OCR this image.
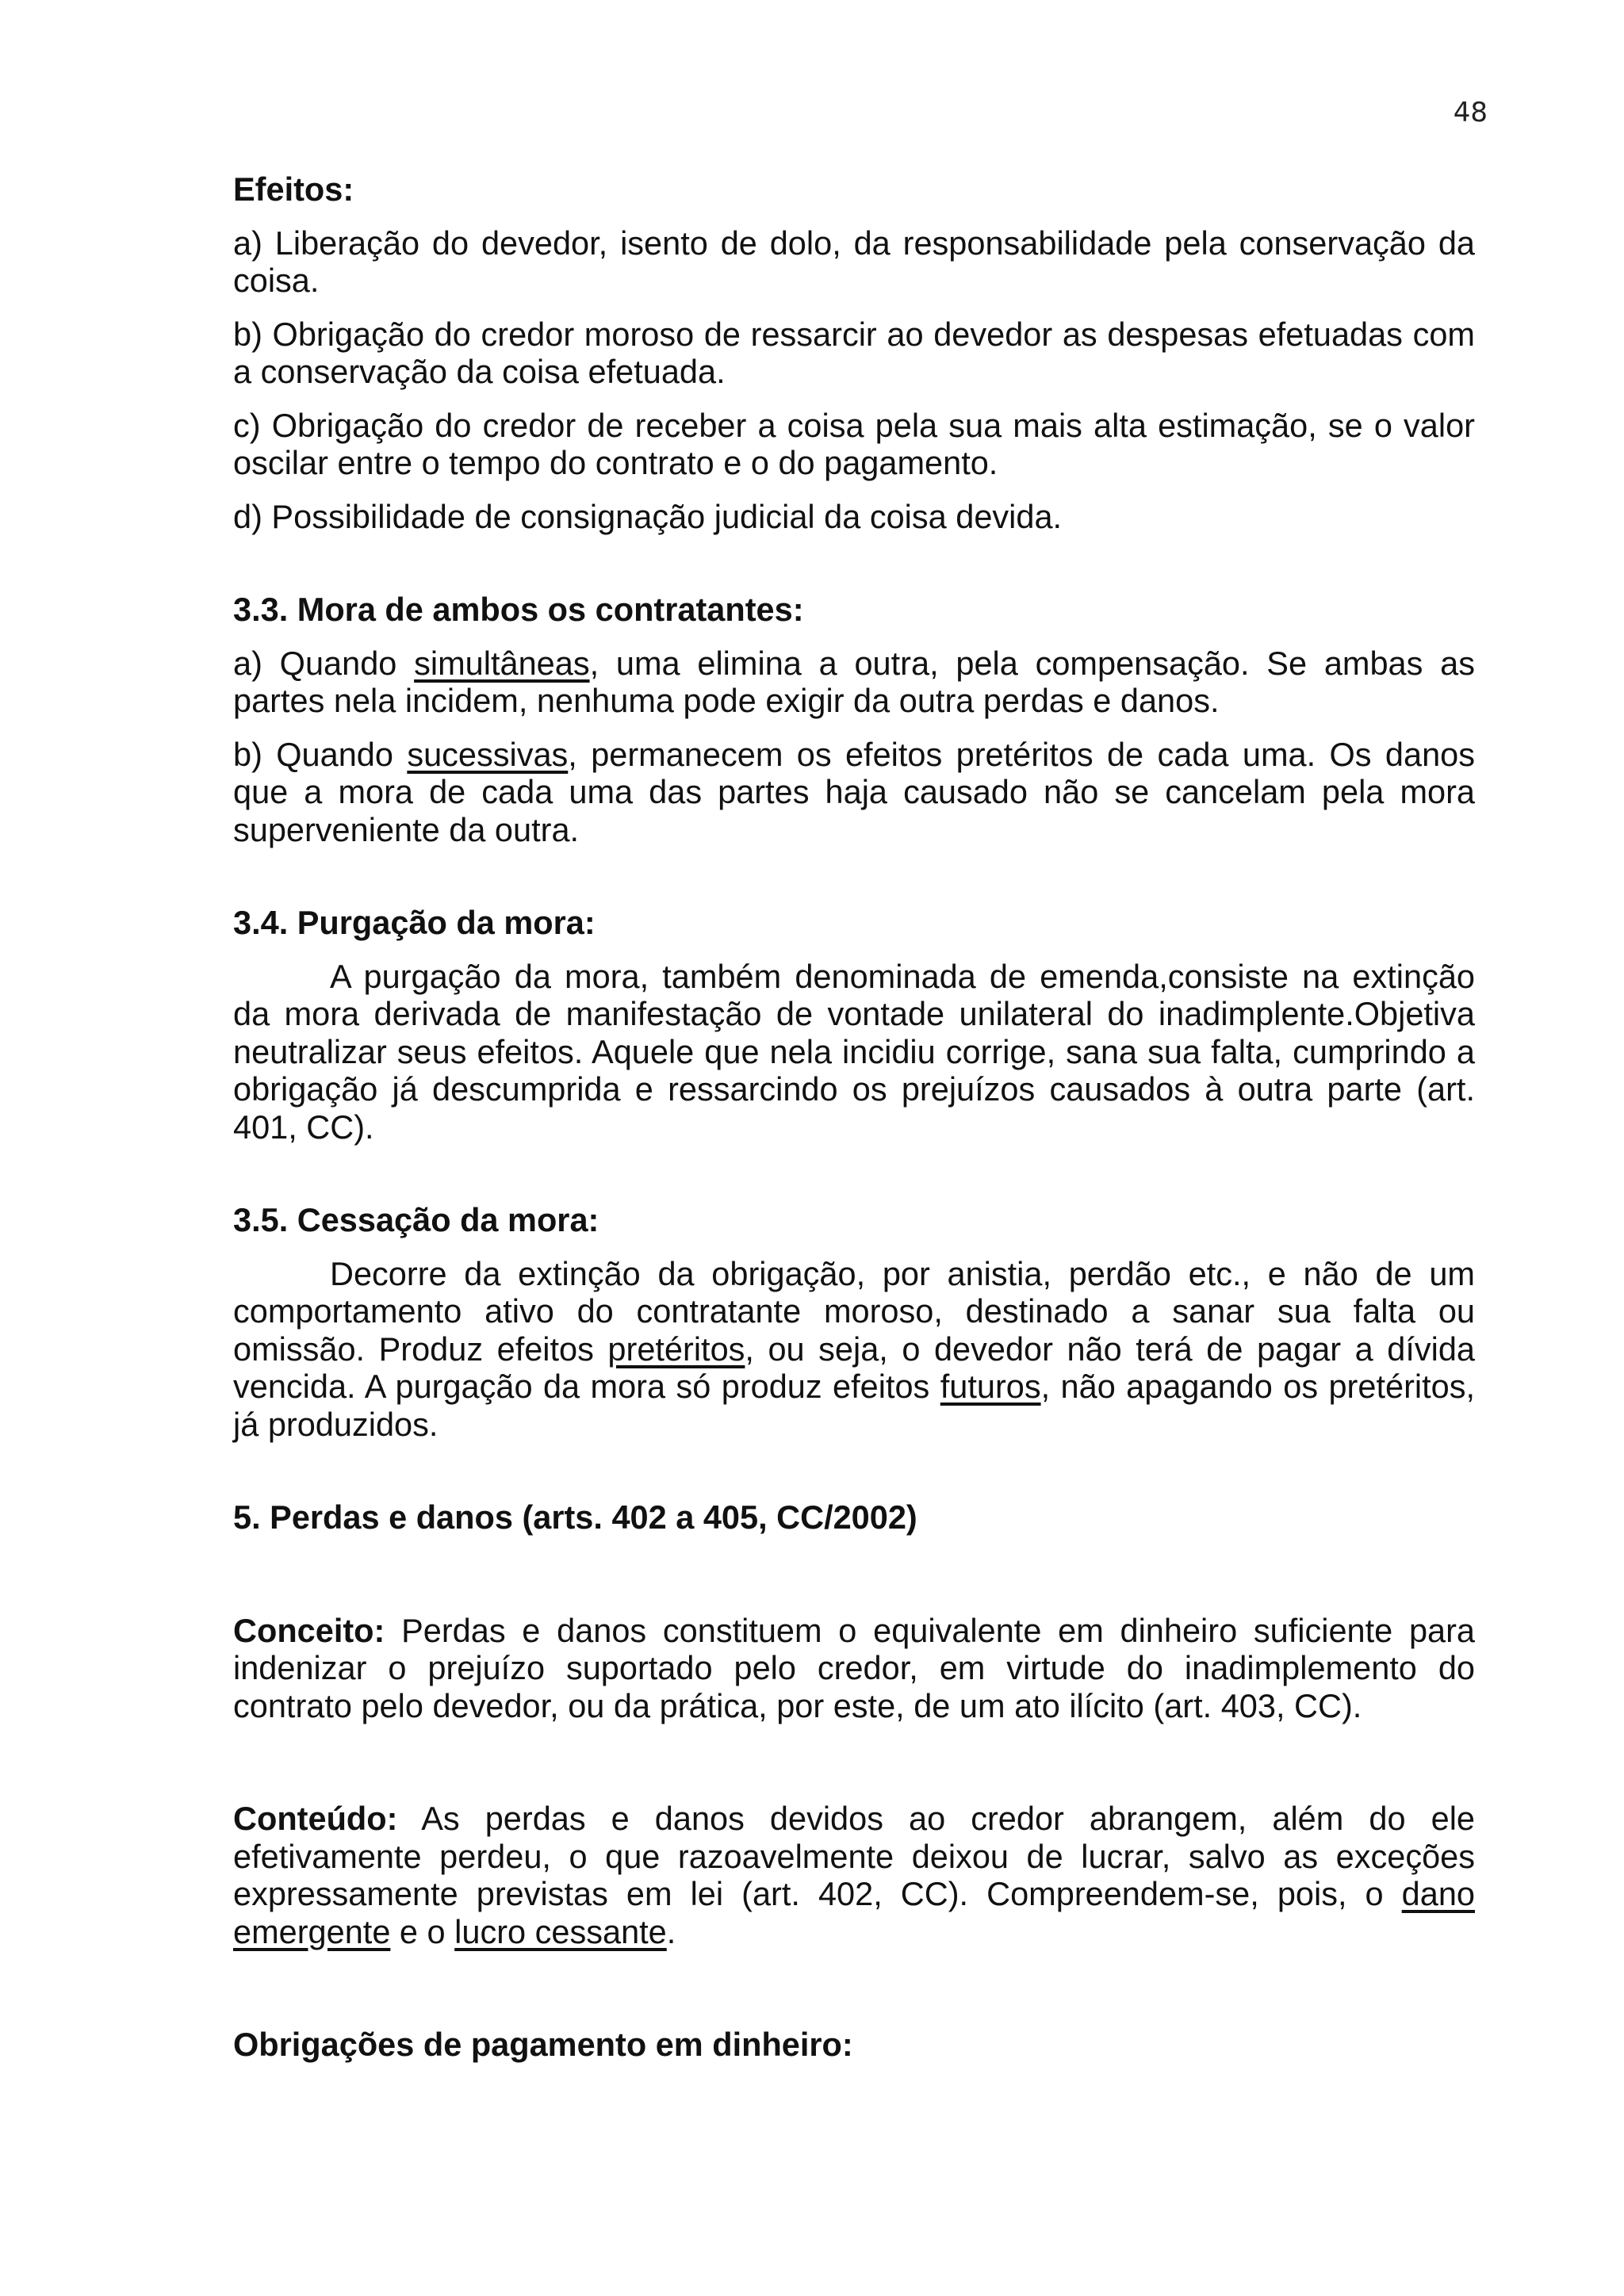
48
Efeitos:

a) Liberação do devedor, isento de dolo, da responsabilidade pela conservação da coisa.

b) Obrigação do credor moroso de ressarcir ao devedor as despesas efetuadas com a conservação da coisa efetuada.

c) Obrigação do credor de receber a coisa pela sua mais alta estimação, se o valor oscilar entre o tempo do contrato e o do pagamento.

d) Possibilidade de consignação judicial da coisa devida.

3.3. Mora de ambos os contratantes:

a) Quando simultâneas, uma elimina a outra, pela compensação. Se ambas as partes nela incidem, nenhuma pode exigir da outra perdas e danos.

b) Quando sucessivas, permanecem os efeitos pretéritos de cada uma. Os danos que a mora de cada uma das partes haja causado não se cancelam pela mora superveniente da outra.

3.4. Purgação da mora:

A purgação da mora, também denominada de emenda,consiste na extinção da mora derivada de manifestação de vontade unilateral do inadimplente.Objetiva neutralizar seus efeitos. Aquele que nela incidiu corrige, sana sua falta, cumprindo a obrigação já descumprida e ressarcindo os prejuízos causados à outra parte (art. 401, CC).

3.5. Cessação da mora:

Decorre da extinção da obrigação, por anistia, perdão etc., e não de um comportamento ativo do contratante moroso, destinado a sanar sua falta ou omissão. Produz efeitos pretéritos, ou seja, o devedor não terá de pagar a dívida vencida. A purgação da mora só produz efeitos futuros, não apagando os pretéritos, já produzidos.

5. Perdas e danos (arts. 402 a 405, CC/2002)

Conceito: Perdas e danos constituem o equivalente em dinheiro suficiente para indenizar o prejuízo suportado pelo credor, em virtude do inadimplemento do contrato pelo devedor, ou da prática, por este, de um ato ilícito (art. 403, CC).

Conteúdo: As perdas e danos devidos ao credor abrangem, além do ele efetivamente perdeu, o que razoavelmente deixou de lucrar, salvo as exceções expressamente previstas em lei (art. 402, CC). Compreendem-se, pois, o dano emergente e o lucro cessante.

Obrigações de pagamento em dinheiro:
